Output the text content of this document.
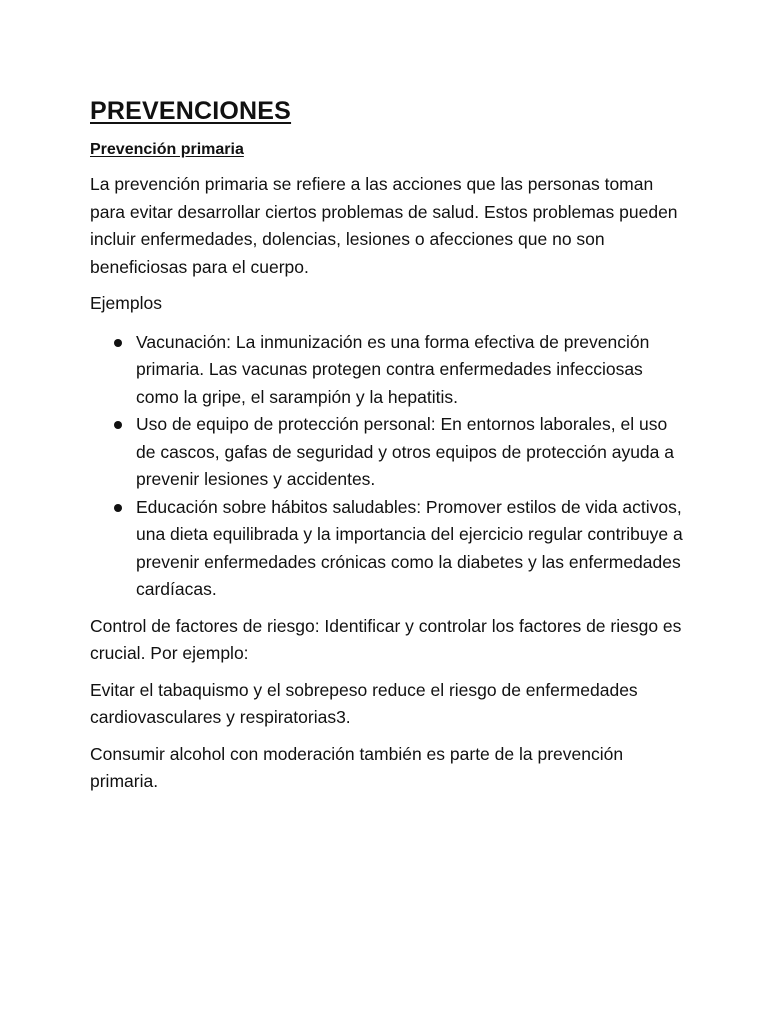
PREVENCIONES
Prevención primaria

La prevención primaria se refiere a las acciones que las personas toman para evitar desarrollar ciertos problemas de salud. Estos problemas pueden incluir enfermedades, dolencias, lesiones o afecciones que no son beneficiosas para el cuerpo.

Ejemplos

Vacunación: La inmunización es una forma efectiva de prevención primaria. Las vacunas protegen contra enfermedades infecciosas como la gripe, el sarampión y la hepatitis.
Uso de equipo de protección personal: En entornos laborales, el uso de cascos, gafas de seguridad y otros equipos de protección ayuda a prevenir lesiones y accidentes.
Educación sobre hábitos saludables: Promover estilos de vida activos, una dieta equilibrada y la importancia del ejercicio regular contribuye a prevenir enfermedades crónicas como la diabetes y las enfermedades cardíacas.

Control de factores de riesgo: Identificar y controlar los factores de riesgo es crucial. Por ejemplo:

Evitar el tabaquismo y el sobrepeso reduce el riesgo de enfermedades cardiovasculares y respiratorias3.

Consumir alcohol con moderación también es parte de la prevención primaria.
